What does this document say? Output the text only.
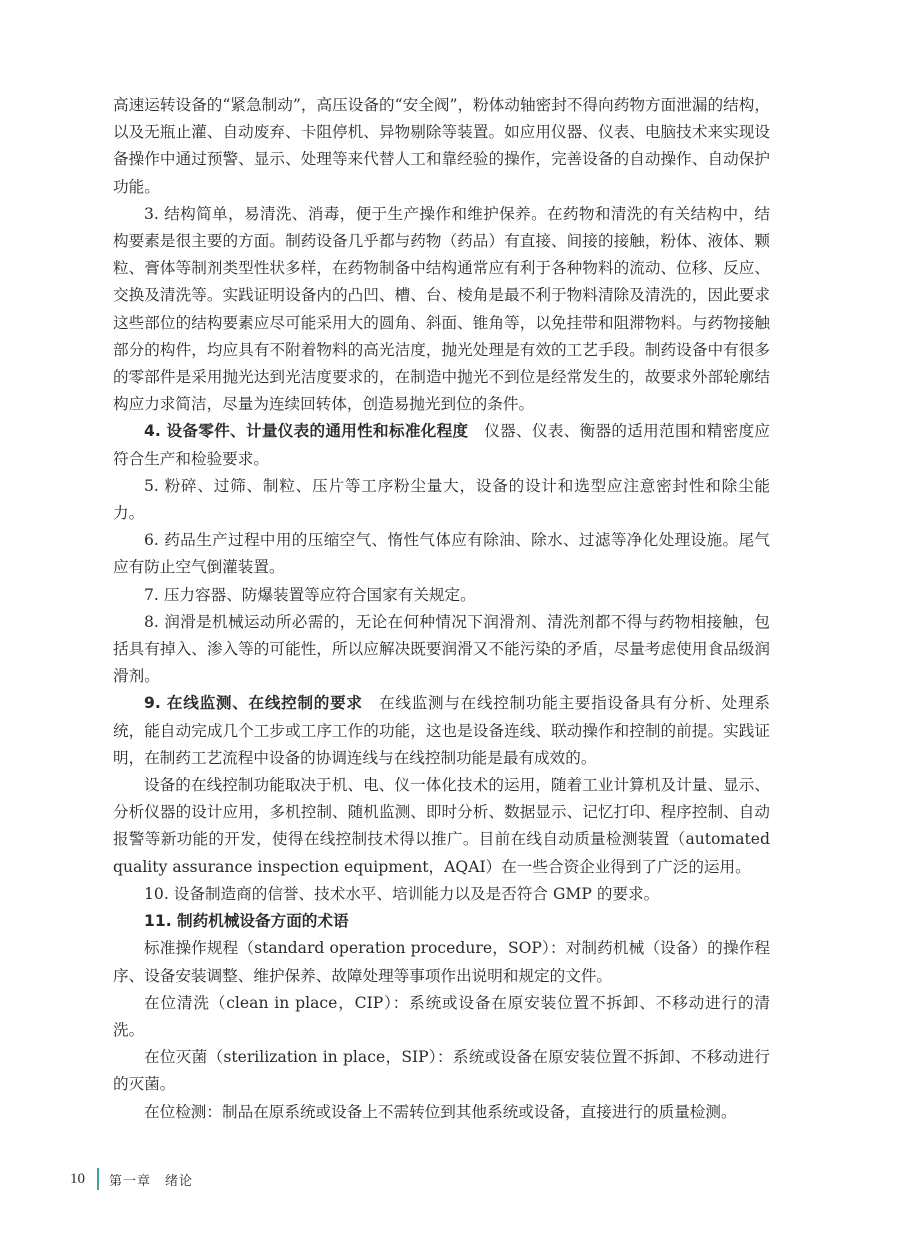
高速运转设备的“紧急制动”，高压设备的“安全阀”，粉体动轴密封不得向药物方面泄漏的结构，以及无瓶止灌、自动废弃、卡阻停机、异物剔除等装置。如应用仪器、仪表、电脑技术来实现设备操作中通过预警、显示、处理等来代替人工和靠经验的操作，完善设备的自动操作、自动保护功能。

3. 结构简单，易清洗、消毒，便于生产操作和维护保养。在药物和清洗的有关结构中，结构要素是很主要的方面。制药设备几乎都与药物（药品）有直接、间接的接触，粉体、液体、颗粒、膏体等制剂类型性状多样，在药物制备中结构通常应有利于各种物料的流动、位移、反应、交换及清洗等。实践证明设备内的凸凹、槽、台、棱角是最不利于物料清除及清洗的，因此要求这些部位的结构要素应尽可能采用大的圆角、斜面、锥角等，以免挂带和阻滞物料。与药物接触部分的构件，均应具有不附着物料的高光洁度，抛光处理是有效的工艺手段。制药设备中有很多的零部件是采用抛光达到光洁度要求的，在制造中抛光不到位是经常发生的，故要求外部轮廓结构应力求简洁，尽量为连续回转体，创造易抛光到位的条件。

4. 设备零件、计量仪表的通用性和标准化程度　仪器、仪表、衡器的适用范围和精密度应符合生产和检验要求。

5. 粉碎、过筛、制粒、压片等工序粉尘量大，设备的设计和选型应注意密封性和除尘能力。

6. 药品生产过程中用的压缩空气、惰性气体应有除油、除水、过滤等净化处理设施。尾气应有防止空气倒灌装置。

7. 压力容器、防爆装置等应符合国家有关规定。

8. 润滑是机械运动所必需的，无论在何种情况下润滑剂、清洗剂都不得与药物相接触，包括具有掉入、渗入等的可能性，所以应解决既要润滑又不能污染的矛盾，尽量考虑使用食品级润滑剂。

9. 在线监测、在线控制的要求　在线监测与在线控制功能主要指设备具有分析、处理系统，能自动完成几个工步或工序工作的功能，这也是设备连线、联动操作和控制的前提。实践证明，在制药工艺流程中设备的协调连线与在线控制功能是最有成效的。

设备的在线控制功能取决于机、电、仪一体化技术的运用，随着工业计算机及计量、显示、分析仪器的设计应用，多机控制、随机监测、即时分析、数据显示、记忆打印、程序控制、自动报警等新功能的开发，使得在线控制技术得以推广。目前在线自动质量检测装置（automated quality assurance inspection equipment，AQAI）在一些合资企业得到了广泛的运用。

10. 设备制造商的信誉、技术水平、培训能力以及是否符合 GMP 的要求。

11. 制药机械设备方面的术语

标准操作规程（standard operation procedure，SOP）：对制药机械（设备）的操作程序、设备安装调整、维护保养、故障处理等事项作出说明和规定的文件。

在位清洗（clean in place，CIP）：系统或设备在原安装位置不拆卸、不移动进行的清洗。

在位灭菌（sterilization in place，SIP）：系统或设备在原安装位置不拆卸、不移动进行的灭菌。

在位检测：制品在原系统或设备上不需转位到其他系统或设备，直接进行的质量检测。

10 第一章　绪论
